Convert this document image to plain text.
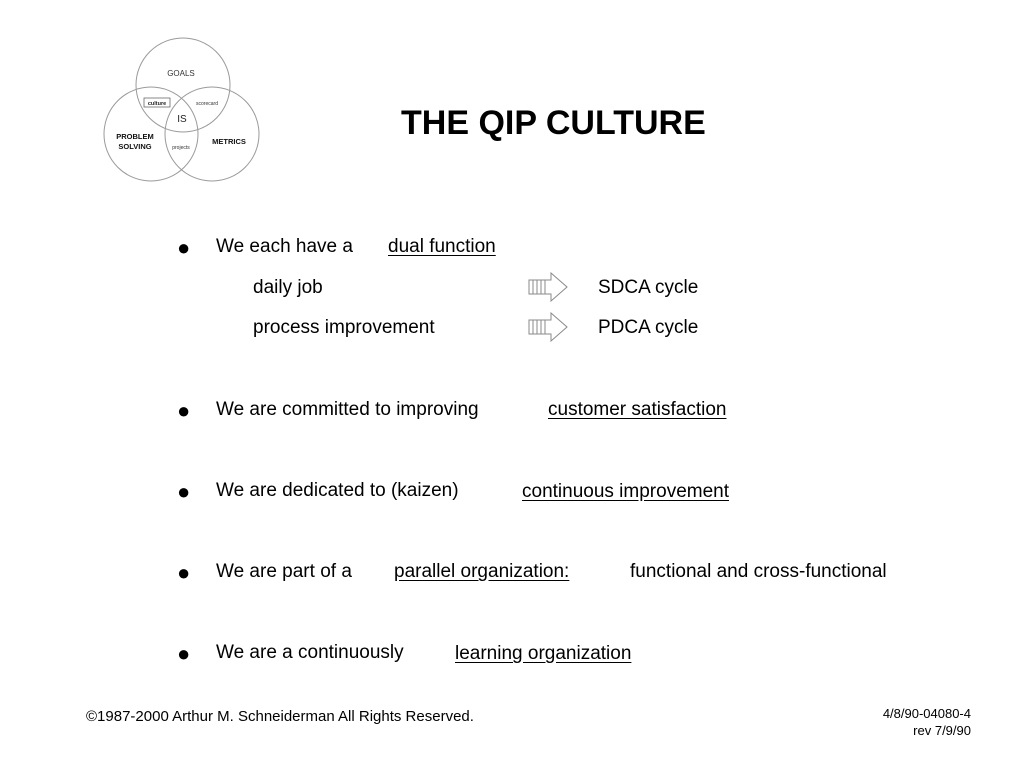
GOALS
culture	scorecard
IS
PROBLEM
SOLVING	projects
METRICS	THE QIP CULTURE
● We each have a dual function
daily job	SDCA cycle
process improvement	PDCA cycle
● We are committed to improving	customer satisfaction
● We are dedicated to (kaizen)	continuous improvement
● We are part of a parallel organization:	functional and cross-functional
● We are a continuously	learning organization
©1987-2000 Arthur M. Schneiderman All Rights Reserved.	4/8/90-04080-4
rev 7/9/90
